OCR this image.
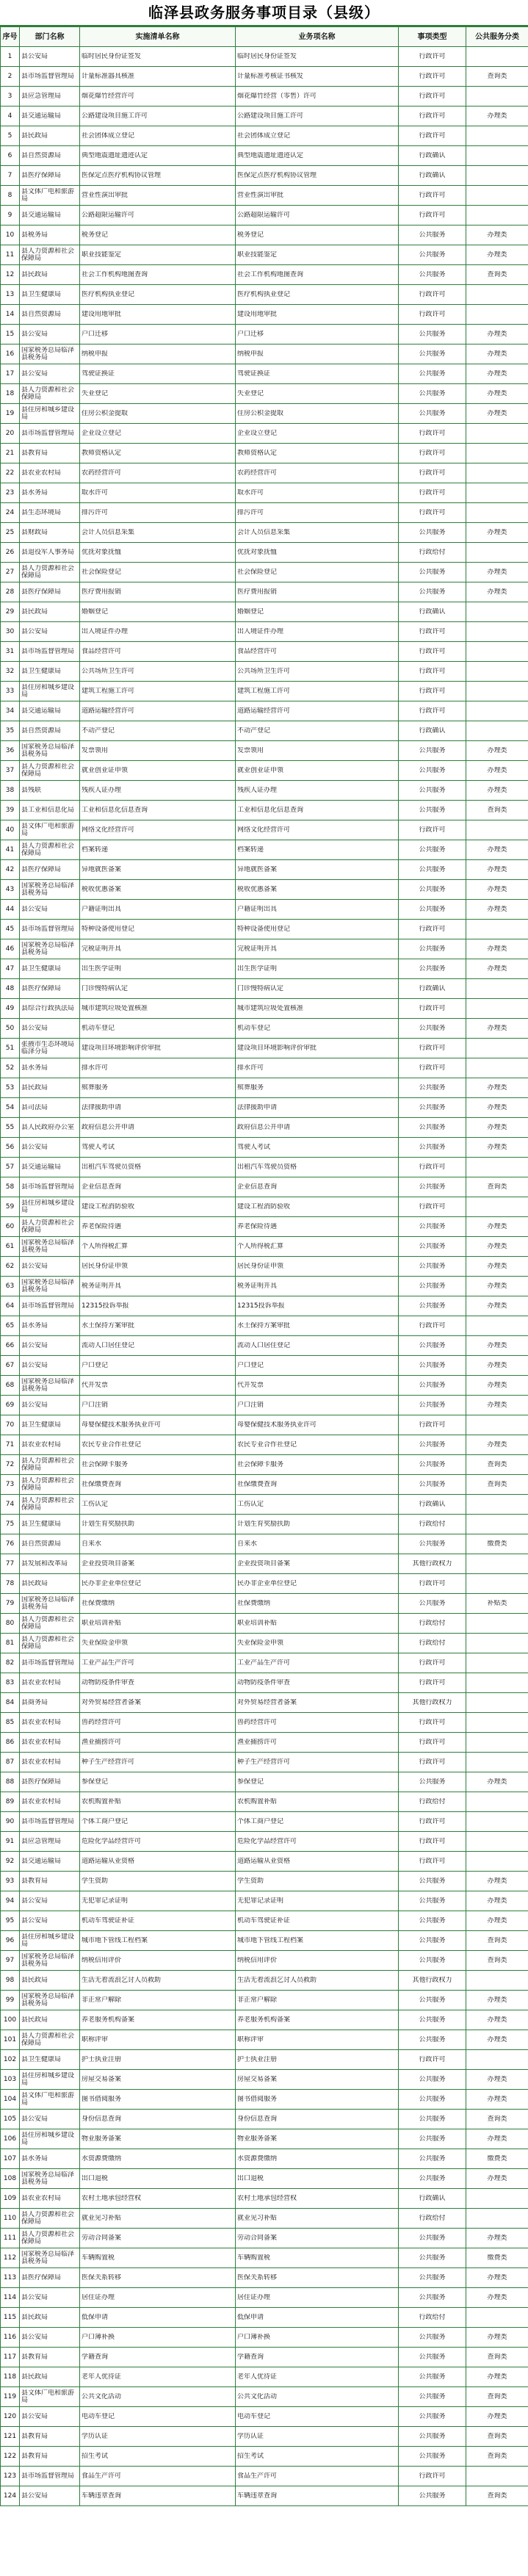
临泽县政务服务事项目录（县级）
序号	部门名称	实施清单名称	业务项名称	事项类型	公共服务分类

1	县公安局	临时居民身份证签发	临时居民身份证签发	行政许可	

2	县市场监督管理局	计量标准器具核准	计量标准考核证书核发	行政许可	查询类

3	县应急管理局	烟花爆竹经营许可	烟花爆竹经营（零售）许可	行政许可	

4	县交通运输局	公路建设项目施工许可	公路建设项目施工许可	行政许可	办理类

5	县民政局	社会团体成立登记	社会团体成立登记	行政许可	

6	县自然资源局	典型地震遗址遗迹认定	典型地震遗址遗迹认定	行政确认	

7	县医疗保障局	医保定点医疗机构协议管理	医保定点医疗机构协议管理	行政确认	

8	县文体广电和旅游局	营业性演出审批	营业性演出审批	行政许可	

9	县交通运输局	公路超限运输许可	公路超限运输许可	行政许可	

10	县税务局	税务登记	税务登记	公共服务	办理类

11	县人力资源和社会保障局	职业技能鉴定	职业技能鉴定	公共服务	办理类

12	县民政局	社会工作机构地图查询	社会工作机构地图查询	公共服务	查询类

13	县卫生健康局	医疗机构执业登记	医疗机构执业登记	行政许可	

14	县自然资源局	建设用地审批	建设用地审批	行政许可	

15	县公安局	户口迁移	户口迁移	公共服务	办理类

16	国家税务总局临泽县税务局	纳税申报	纳税申报	公共服务	办理类

17	县公安局	驾驶证换证	驾驶证换证	公共服务	办理类

18	县人力资源和社会保障局	失业登记	失业登记	公共服务	办理类

19	县住房和城乡建设局	住房公积金提取	住房公积金提取	公共服务	办理类

20	县市场监督管理局	企业设立登记	企业设立登记	行政许可	

21	县教育局	教师资格认定	教师资格认定	行政许可	

22	县农业农村局	农药经营许可	农药经营许可	行政许可	

23	县水务局	取水许可	取水许可	行政许可	

24	县生态环境局	排污许可	排污许可	行政许可	

25	县财政局	会计人员信息采集	会计人员信息采集	公共服务	办理类

26	县退役军人事务局	优抚对象抚恤	优抚对象抚恤	行政给付	

27	县人力资源和社会保障局	社会保险登记	社会保险登记	公共服务	办理类

28	县医疗保障局	医疗费用报销	医疗费用报销	公共服务	办理类

29	县民政局	婚姻登记	婚姻登记	行政确认	

30	县公安局	出入境证件办理	出入境证件办理	行政许可	

31	县市场监督管理局	食品经营许可	食品经营许可	行政许可	

32	县卫生健康局	公共场所卫生许可	公共场所卫生许可	行政许可	

33	县住房和城乡建设局	建筑工程施工许可	建筑工程施工许可	行政许可	

34	县交通运输局	道路运输经营许可	道路运输经营许可	行政许可	

35	县自然资源局	不动产登记	不动产登记	行政确认	

36	国家税务总局临泽县税务局	发票领用	发票领用	公共服务	办理类

37	县人力资源和社会保障局	就业创业证申领	就业创业证申领	公共服务	办理类

38	县残联	残疾人证办理	残疾人证办理	公共服务	办理类

39	县工业和信息化局	工业和信息化信息查询	工业和信息化信息查询	公共服务	查询类

40	县文体广电和旅游局	网络文化经营许可	网络文化经营许可	行政许可	

41	县人力资源和社会保障局	档案转递	档案转递	公共服务	办理类

42	县医疗保障局	异地就医备案	异地就医备案	公共服务	办理类

43	国家税务总局临泽县税务局	税收优惠备案	税收优惠备案	公共服务	办理类

44	县公安局	户籍证明出具	户籍证明出具	公共服务	办理类

45	县市场监督管理局	特种设备使用登记	特种设备使用登记	行政许可	

46	国家税务总局临泽县税务局	完税证明开具	完税证明开具	公共服务	办理类

47	县卫生健康局	出生医学证明	出生医学证明	公共服务	办理类

48	县医疗保障局	门诊慢特病认定	门诊慢特病认定	行政确认	

49	县综合行政执法局	城市建筑垃圾处置核准	城市建筑垃圾处置核准	行政许可	

50	县公安局	机动车登记	机动车登记	公共服务	办理类

51	张掖市生态环境局临泽分局	建设项目环境影响评价审批	建设项目环境影响评价审批	行政许可	

52	县水务局	排水许可	排水许可	行政许可	

53	县民政局	殡葬服务	殡葬服务	公共服务	办理类

54	县司法局	法律援助申请	法律援助申请	公共服务	办理类

55	县人民政府办公室	政府信息公开申请	政府信息公开申请	公共服务	办理类

56	县公安局	驾驶人考试	驾驶人考试	公共服务	办理类

57	县交通运输局	出租汽车驾驶员资格	出租汽车驾驶员资格	行政许可	

58	县市场监督管理局	企业信息查询	企业信息查询	公共服务	查询类

59	县住房和城乡建设局	建设工程消防验收	建设工程消防验收	行政许可	

60	县人力资源和社会保障局	养老保险待遇	养老保险待遇	公共服务	办理类

61	国家税务总局临泽县税务局	个人所得税汇算	个人所得税汇算	公共服务	办理类

62	县公安局	居民身份证申领	居民身份证申领	公共服务	办理类

63	国家税务总局临泽县税务局	税务证明开具	税务证明开具	公共服务	办理类

64	县市场监督管理局	12315投诉举报	12315投诉举报	公共服务	办理类

65	县水务局	水土保持方案审批	水土保持方案审批	行政许可	

66	县公安局	流动人口居住登记	流动人口居住登记	公共服务	办理类

67	县公安局	户口登记	户口登记	公共服务	办理类

68	国家税务总局临泽县税务局	代开发票	代开发票	公共服务	办理类

69	县公安局	户口注销	户口注销	公共服务	办理类

70	县卫生健康局	母婴保健技术服务执业许可	母婴保健技术服务执业许可	行政许可	

71	县农业农村局	农民专业合作社登记	农民专业合作社登记	公共服务	办理类

72	县人力资源和社会保障局	社会保障卡服务	社会保障卡服务	公共服务	查询类

73	县人力资源和社会保障局	社保缴费查询	社保缴费查询	公共服务	查询类

74	县人力资源和社会保障局	工伤认定	工伤认定	行政确认	

75	县卫生健康局	计划生育奖励扶助	计划生育奖励扶助	行政给付	

76	县自然资源局	自来水	自来水	公共服务	缴费类

77	县发展和改革局	企业投资项目备案	企业投资项目备案	其他行政权力	

78	县民政局	民办非企业单位登记	民办非企业单位登记	行政许可	

79	国家税务总局临泽县税务局	社保费缴纳	社保费缴纳	公共服务	补贴类

80	县人力资源和社会保障局	职业培训补贴	职业培训补贴	行政给付	

81	县人力资源和社会保障局	失业保险金申领	失业保险金申领	行政给付	

82	县市场监督管理局	工业产品生产许可	工业产品生产许可	行政许可	

83	县农业农村局	动物防疫条件审查	动物防疫条件审查	行政许可	

84	县商务局	对外贸易经营者备案	对外贸易经营者备案	其他行政权力	

85	县农业农村局	兽药经营许可	兽药经营许可	行政许可	

86	县农业农村局	渔业捕捞许可	渔业捕捞许可	行政许可	

87	县农业农村局	种子生产经营许可	种子生产经营许可	行政许可	

88	县医疗保障局	参保登记	参保登记	公共服务	办理类

89	县农业农村局	农机购置补贴	农机购置补贴	行政给付	

90	县市场监督管理局	个体工商户登记	个体工商户登记	行政许可	

91	县应急管理局	危险化学品经营许可	危险化学品经营许可	行政许可	

92	县交通运输局	道路运输从业资格	道路运输从业资格	行政许可	

93	县教育局	学生资助	学生资助	公共服务	办理类

94	县公安局	无犯罪记录证明	无犯罪记录证明	公共服务	办理类

95	县公安局	机动车驾驶证补证	机动车驾驶证补证	公共服务	办理类

96	县住房和城乡建设局	城市地下管线工程档案	城市地下管线工程档案	公共服务	查询类

97	国家税务总局临泽县税务局	纳税信用评价	纳税信用评价	公共服务	查询类

98	县民政局	生活无着流浪乞讨人员救助	生活无着流浪乞讨人员救助	其他行政权力	

99	国家税务总局临泽县税务局	非正常户解除	非正常户解除	公共服务	办理类

100	县民政局	养老服务机构备案	养老服务机构备案	公共服务	办理类

101	县人力资源和社会保障局	职称评审	职称评审	公共服务	办理类

102	县卫生健康局	护士执业注册	护士执业注册	行政许可	

103	县住房和城乡建设局	房屋交易备案	房屋交易备案	公共服务	办理类

104	县文体广电和旅游局	图书借阅服务	图书借阅服务	公共服务	办理类

105	县公安局	身份信息查询	身份信息查询	公共服务	查询类

106	县住房和城乡建设局	物业服务备案	物业服务备案	公共服务	办理类

107	县水务局	水资源费缴纳	水资源费缴纳	公共服务	缴费类

108	国家税务总局临泽县税务局	出口退税	出口退税	公共服务	办理类

109	县农业农村局	农村土地承包经营权	农村土地承包经营权	行政确认	

110	县人力资源和社会保障局	就业见习补贴	就业见习补贴	行政给付	

111	县人力资源和社会保障局	劳动合同备案	劳动合同备案	公共服务	办理类

112	国家税务总局临泽县税务局	车辆购置税	车辆购置税	公共服务	缴费类

113	县医疗保障局	医保关系转移	医保关系转移	公共服务	办理类

114	县公安局	居住证办理	居住证办理	公共服务	办理类

115	县民政局	低保申请	低保申请	行政给付	

116	县公安局	户口簿补换	户口簿补换	公共服务	办理类

117	县教育局	学籍查询	学籍查询	公共服务	查询类

118	县民政局	老年人优待证	老年人优待证	公共服务	办理类

119	县文体广电和旅游局	公共文化活动	公共文化活动	公共服务	查询类

120	县公安局	电动车登记	电动车登记	公共服务	办理类

121	县教育局	学历认证	学历认证	公共服务	查询类

122	县教育局	招生考试	招生考试	公共服务	查询类

123	县市场监督管理局	食品生产许可	食品生产许可	行政许可	

124	县公安局	车辆违章查询	车辆违章查询	公共服务	查询类
